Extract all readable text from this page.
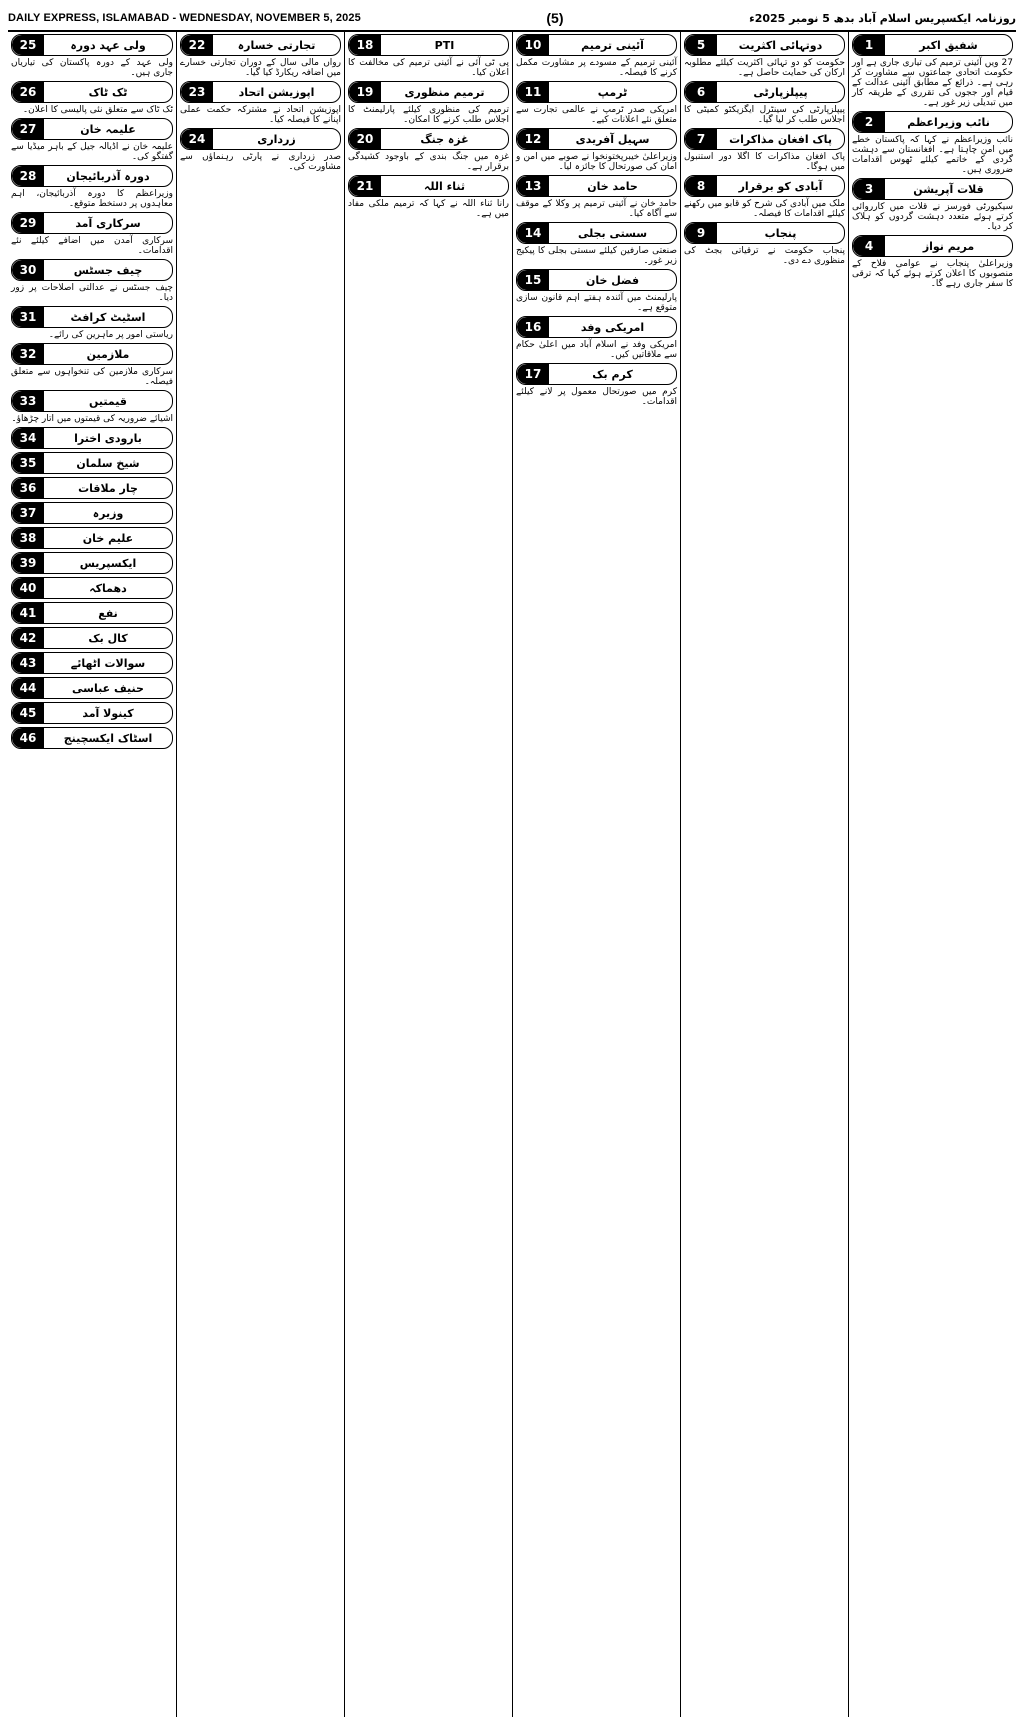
DAILY EXPRESS, ISLAMABAD - WEDNESDAY, NOVEMBER 5, 2025	(5)	روزنامہ ایکسپریس اسلام آباد بدھ 5 نومبر 2025ء
شفیق اکبر
1
27 ویں آئینی ترمیم کی تیاری جاری ہے اور حکومت اتحادی جماعتوں سے مشاورت کر رہی ہے۔ ذرائع کے مطابق آئینی عدالت کے قیام اور ججوں کی تقرری کے طریقہ کار میں تبدیلی زیر غور ہے۔
نائب وزیراعظم
2
نائب وزیراعظم نے کہا کہ پاکستان خطے میں امن چاہتا ہے۔ افغانستان سے دہشت گردی کے خاتمے کیلئے ٹھوس اقدامات ضروری ہیں۔
قلات آپریشن
3
سیکیورٹی فورسز نے قلات میں کارروائی کرتے ہوئے متعدد دہشت گردوں کو ہلاک کر دیا۔
مریم نواز
4
وزیراعلیٰ پنجاب نے عوامی فلاح کے منصوبوں کا اعلان کرتے ہوئے کہا کہ ترقی کا سفر جاری رہے گا۔
دوتہائی اکثریت
5
حکومت کو دو تہائی اکثریت کیلئے مطلوبہ ارکان کی حمایت حاصل ہے۔
پیپلزپارٹی
6
پیپلزپارٹی کی سینٹرل ایگزیکٹو کمیٹی کا اجلاس طلب کر لیا گیا۔
پاک افغان مذاکرات
7
پاک افغان مذاکرات کا اگلا دور استنبول میں ہوگا۔
آبادی کو برقرار
8
ملک میں آبادی کی شرح کو قابو میں رکھنے کیلئے اقدامات کا فیصلہ۔
پنجاب
9
پنجاب حکومت نے ترقیاتی بجٹ کی منظوری دے دی۔
آئینی ترمیم
10
آئینی ترمیم کے مسودے پر مشاورت مکمل کرنے کا فیصلہ۔
ٹرمپ
11
امریکی صدر ٹرمپ نے عالمی تجارت سے متعلق نئے اعلانات کیے۔
سہیل آفریدی
12
وزیراعلیٰ خیبرپختونخوا نے صوبے میں امن و امان کی صورتحال کا جائزہ لیا۔
حامد خان
13
حامد خان نے آئینی ترمیم پر وکلا کے موقف سے آگاہ کیا۔
سستی بجلی
14
صنعتی صارفین کیلئے سستی بجلی کا پیکیج زیر غور۔
فضل خان
15
پارلیمنٹ میں آئندہ ہفتے اہم قانون سازی متوقع ہے۔
امریکی وفد
16
امریکی وفد نے اسلام آباد میں اعلیٰ حکام سے ملاقاتیں کیں۔
کرم بک
17
کرم میں صورتحال معمول پر لانے کیلئے اقدامات۔
PTI
18
پی ٹی آئی نے آئینی ترمیم کی مخالفت کا اعلان کیا۔
ترمیم منظوری
19
ترمیم کی منظوری کیلئے پارلیمنٹ کا اجلاس طلب کرنے کا امکان۔
غزہ جنگ
20
غزہ میں جنگ بندی کے باوجود کشیدگی برقرار ہے۔
ثناء اللہ
21
رانا ثناء اللہ نے کہا کہ ترمیم ملکی مفاد میں ہے۔
تجارتی خسارہ
22
رواں مالی سال کے دوران تجارتی خسارے میں اضافہ ریکارڈ کیا گیا۔
اپوزیشن اتحاد
23
اپوزیشن اتحاد نے مشترکہ حکمت عملی اپنانے کا فیصلہ کیا۔
زرداری
24
صدر زرداری نے پارٹی رہنماؤں سے مشاورت کی۔
ولی عہد دورہ
25
ولی عہد کے دورہ پاکستان کی تیاریاں جاری ہیں۔
ٹک ٹاک
26
ٹک ٹاک سے متعلق نئی پالیسی کا اعلان۔
علیمہ خان
27
علیمہ خان نے اڈیالہ جیل کے باہر میڈیا سے گفتگو کی۔
دورہ آذربائیجان
28
وزیراعظم کا دورہ آذربائیجان، اہم معاہدوں پر دستخط متوقع۔
سرکاری آمد
29
سرکاری آمدن میں اضافے کیلئے نئے اقدامات۔
چیف جسٹس
30
چیف جسٹس نے عدالتی اصلاحات پر زور دیا۔
اسٹیٹ کرافٹ
31
ریاستی امور پر ماہرین کی رائے۔
ملازمین
32
سرکاری ملازمین کی تنخواہوں سے متعلق فیصلہ۔
قیمتیں
33
اشیائے ضروریہ کی قیمتوں میں اتار چڑھاؤ۔
بارودی اخترا
34
شیخ سلمان
35
چار ملاقات
36
وزیرہ
37
علیم خان
38
ایکسپریس
39
دھماکہ
40
نفع
41
کال بک
42
سوالات اٹھائے
43
حنیف عباسی
44
کینولا آمد
45
اسٹاک ایکسچینج
46
